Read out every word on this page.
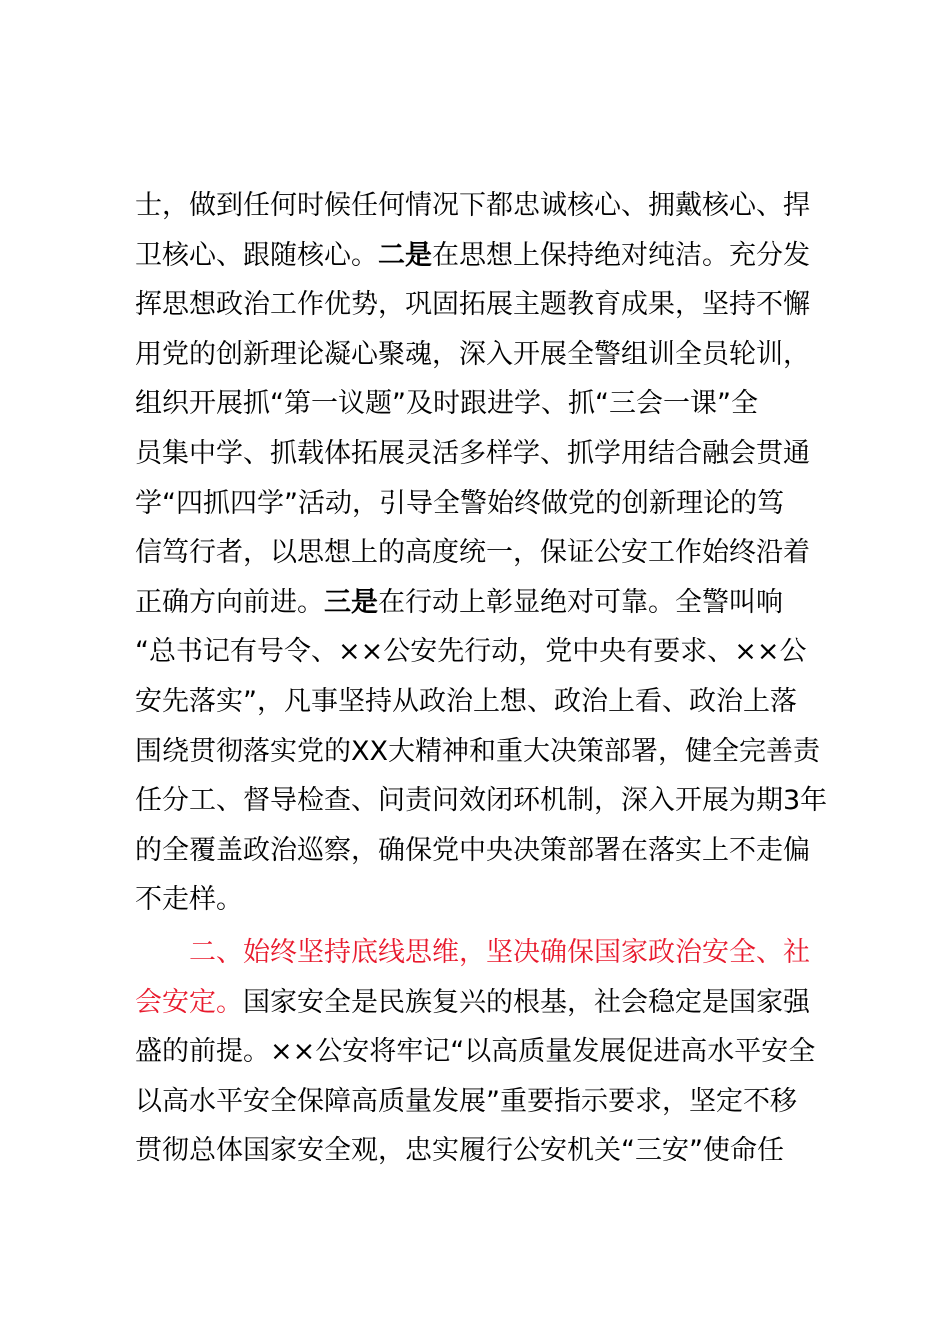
士，做到任何时候任何情况下都忠诚核心、拥戴核心、捍
卫核心、跟随核心。二是在思想上保持绝对纯洁。充分发
挥思想政治工作优势，巩固拓展主题教育成果，坚持不懈
用党的创新理论凝心聚魂，深入开展全警组训全员轮训，
组织开展抓“第一议题”及时跟进学、抓“三会一课”全
员集中学、抓载体拓展灵活多样学、抓学用结合融会贯通
学“四抓四学”活动，引导全警始终做党的创新理论的笃
信笃行者，以思想上的高度统一，保证公安工作始终沿着
正确方向前进。三是在行动上彰显绝对可靠。全警叫响
“总书记有号令、××公安先行动，党中央有要求、××公
安先落实”，凡事坚持从政治上想、政治上看、政治上落
围绕贯彻落实党的XX大精神和重大决策部署，健全完善责
任分工、督导检查、问责问效闭环机制，深入开展为期3年
的全覆盖政治巡察，确保党中央决策部署在落实上不走偏
不走样。
二、始终坚持底线思维，坚决确保国家政治安全、社
会安定。国家安全是民族复兴的根基，社会稳定是国家强
盛的前提。××公安将牢记“以高质量发展促进高水平安全
以高水平安全保障高质量发展”重要指示要求，坚定不移
贯彻总体国家安全观，忠实履行公安机关“三安”使命任
